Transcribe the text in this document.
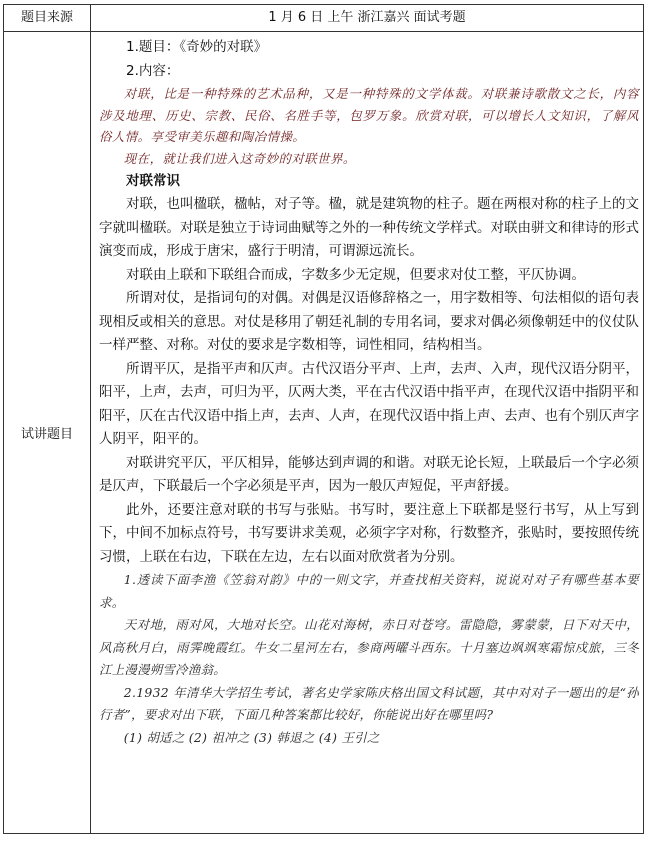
题目来源	1 月 6 日 上午 浙江嘉兴 面试考题
试讲题目

1.题目：《奇妙的对联》

2.内容：

对联，比是一种特殊的艺术品种，又是一种特殊的文学体裁。对联兼诗歌散文之长，内容涉及地理、历史、宗教、民俗、名胜手等，包罗万象。欣赏对联，可以增长人文知识，了解风俗人情。享受审美乐趣和陶冶情操。

现在，就让我们进入这奇妙的对联世界。

对联常识

对联，也叫楹联，楹帖，对子等。楹，就是建筑物的柱子。题在两根对称的柱子上的文字就叫楹联。对联是独立于诗词曲赋等之外的一种传统文学样式。对联由骈文和律诗的形式演变而成，形成于唐宋，盛行于明清，可谓源远流长。

对联由上联和下联组合而成，字数多少无定规，但要求对仗工整，平仄协调。

所谓对仗，是指词句的对偶。对偶是汉语修辞格之一，用字数相等、句法相似的语句表现相反或相关的意思。对仗是移用了朝廷礼制的专用名词，要求对偶必须像朝廷中的仪仗队一样严整、对称。对仗的要求是字数相等，词性相同，结构相当。

所谓平仄，是指平声和仄声。古代汉语分平声、上声，去声、入声，现代汉语分阴平，阳平，上声，去声，可归为平，仄两大类，平在古代汉语中指平声，在现代汉语中指阴平和阳平，仄在古代汉语中指上声，去声、人声，在现代汉语中指上声、去声、也有个别仄声字人阴平，阳平的。

对联讲究平仄，平仄相异，能够达到声调的和谐。对联无论长短，上联最后一个字必须是仄声，下联最后一个字必须是平声，因为一般仄声短促，平声舒援。

此外，还要注意对联的书写与张贴。书写时，要注意上下联都是竖行书写，从上写到下，中间不加标点符号，书写要讲求美观，必须字字对称，行数整齐，张贴时，要按照传统习惯，上联在右边，下联在左边，左右以面对欣赏者为分别。

1.透读下面李渔《笠翁对韵》中的一则文字，并查找相关资料，说说对对子有哪些基本要求。

天对地，雨对风，大地对长空。山花对海树，赤日对苍穹。雷隐隐，雾蒙蒙，日下对天中，风高秋月白，雨霁晚霞红。牛女二星河左右，参商两曜斗西东。十月塞边飒飒寒霜惊戍旅，三冬江上漫漫朔雪冷渔翁。

2.1932 年清华大学招生考试，著名史学家陈庆格出国文科试题，其中对对子一题出的是“孙行者”，要求对出下联，下面几种答案都比较好，你能说出好在哪里吗?

(1) 胡适之 (2) 祖冲之 (3) 韩退之 (4) 王引之
